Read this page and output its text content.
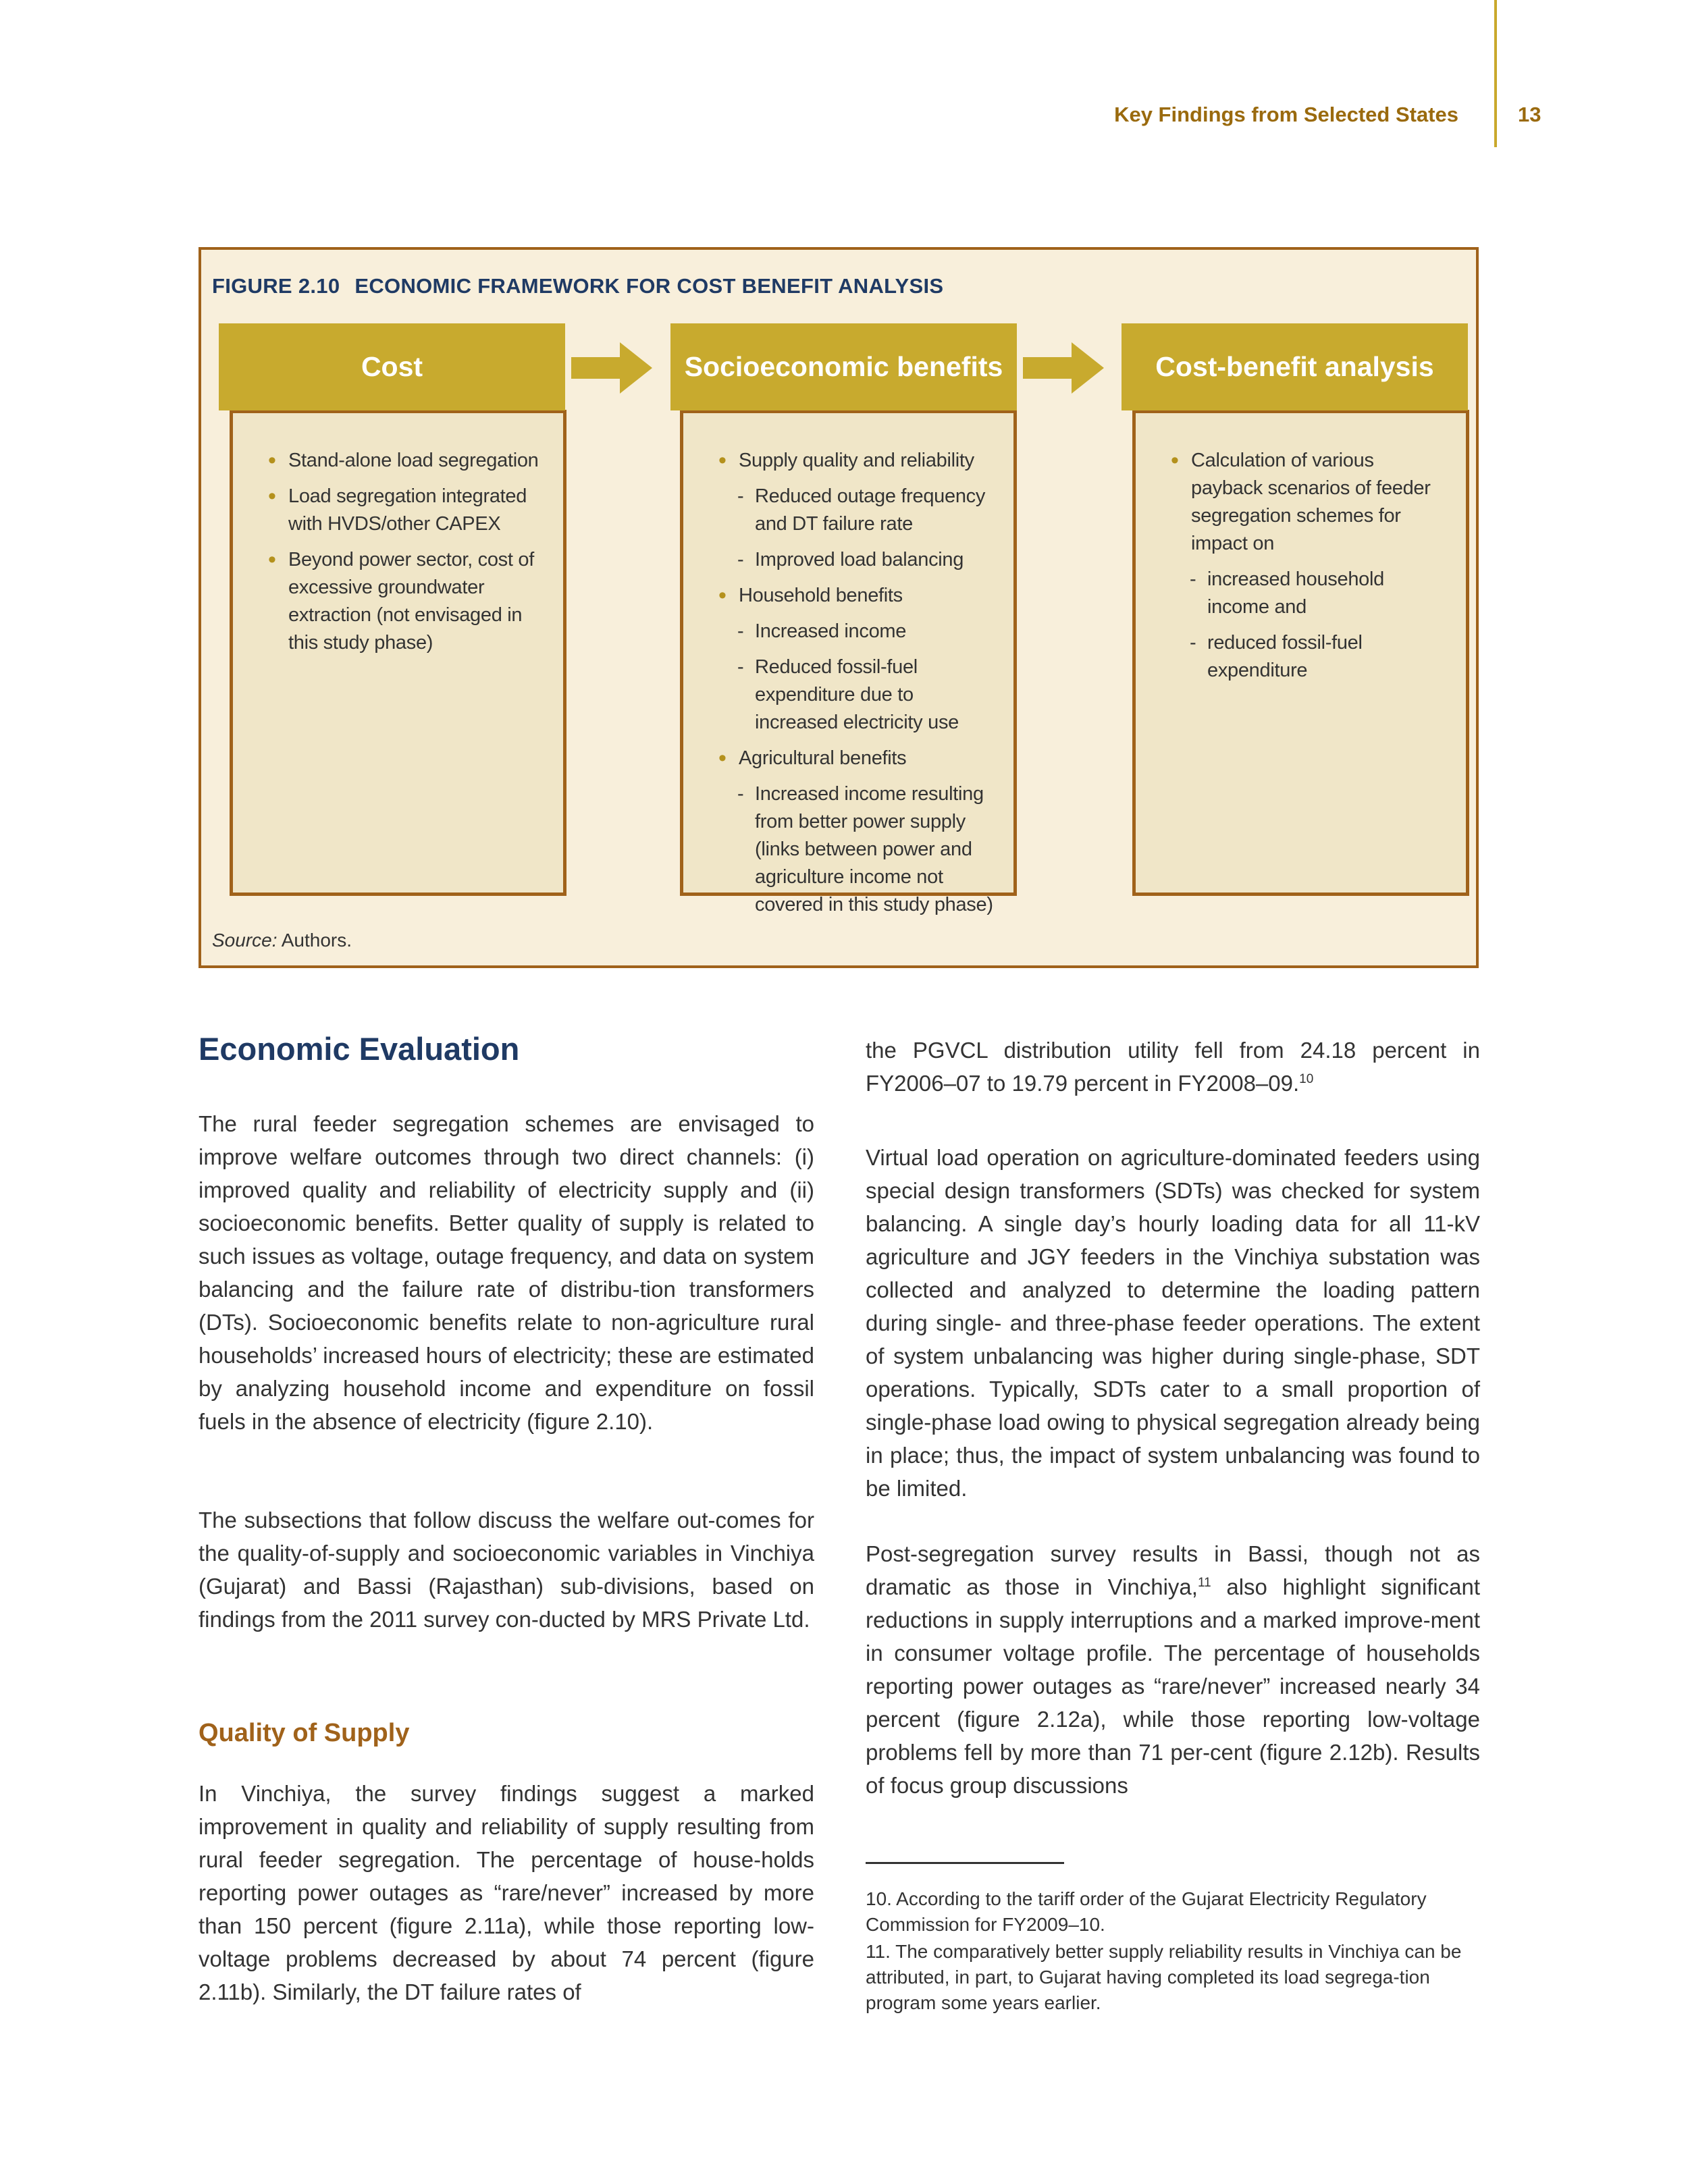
Key Findings from Selected States	13
FIGURE 2.10 ECONOMIC FRAMEWORK FOR COST BENEFIT ANALYSIS
• Stand-alone load segregation
• Load segregation integrated with HVDS/other CAPEX
• Beyond power sector, cost of excessive groundwater extraction (not envisaged in this study phase)
Cost
• Supply quality and reliability
- Reduced outage frequency and DT failure rate
- Improved load balancing
• Household benefits
- Increased income
- Reduced fossil-fuel expenditure due to increased electricity use
• Agricultural benefits
- Increased income resulting from better power supply (links between power and agriculture income not covered in this study phase)
Socioeconomic benefits
• Calculation of various payback scenarios of feeder segregation schemes for impact on
- increased household income and
- reduced fossil-fuel expenditure
Cost-benefit analysis
Source: Authors.
Economic Evaluation

The rural feeder segregation schemes are envisaged to improve welfare outcomes through two direct channels: (i) improved quality and reliability of electricity supply and (ii) socioeconomic benefits. Better quality of supply is related to such issues as voltage, outage frequency, and data on system balancing and the failure rate of distribu-tion transformers (DTs). Socioeconomic benefits relate to non-agriculture rural households’ increased hours of electricity; these are estimated by analyzing household income and expenditure on fossil fuels in the absence of electricity (figure 2.10).

The subsections that follow discuss the welfare out-comes for the quality-of-supply and socioeconomic variables in Vinchiya (Gujarat) and Bassi (Rajasthan) sub-divisions, based on findings from the 2011 survey con-ducted by MRS Private Ltd.

Quality of Supply

In Vinchiya, the survey findings suggest a marked improvement in quality and reliability of supply resulting from rural feeder segregation. The percentage of house-holds reporting power outages as “rare/never” increased by more than 150 percent (figure 2.11a), while those reporting low-voltage problems decreased by about 74 percent (figure 2.11b). Similarly, the DT failure rates of

the PGVCL distribution utility fell from 24.18 percent in FY2006–07 to 19.79 percent in FY2008–09.10

Virtual load operation on agriculture-dominated feeders using special design transformers (SDTs) was checked for system balancing. A single day’s hourly loading data for all 11-kV agriculture and JGY feeders in the Vinchiya substation was collected and analyzed to determine the loading pattern during single- and three-phase feeder operations. The extent of system unbalancing was higher during single-phase, SDT operations. Typically, SDTs cater to a small proportion of single-phase load owing to physical segregation already being in place; thus, the impact of system unbalancing was found to be limited.

Post-segregation survey results in Bassi, though not as dramatic as those in Vinchiya,$^{11}$ also highlight significant reductions in supply interruptions and a marked improve-ment in consumer voltage profile. The percentage of households reporting power outages as “rare/never” increased nearly 34 percent (figure 2.12a), while those reporting low-voltage problems fell by more than 71 per-cent (figure 2.12b). Results of focus group discussions

10. According to the tariff order of the Gujarat Electricity Regulatory Commission for FY2009–10.

11. The comparatively better supply reliability results in Vinchiya can be attributed, in part, to Gujarat having completed its load segrega-tion program some years earlier.
